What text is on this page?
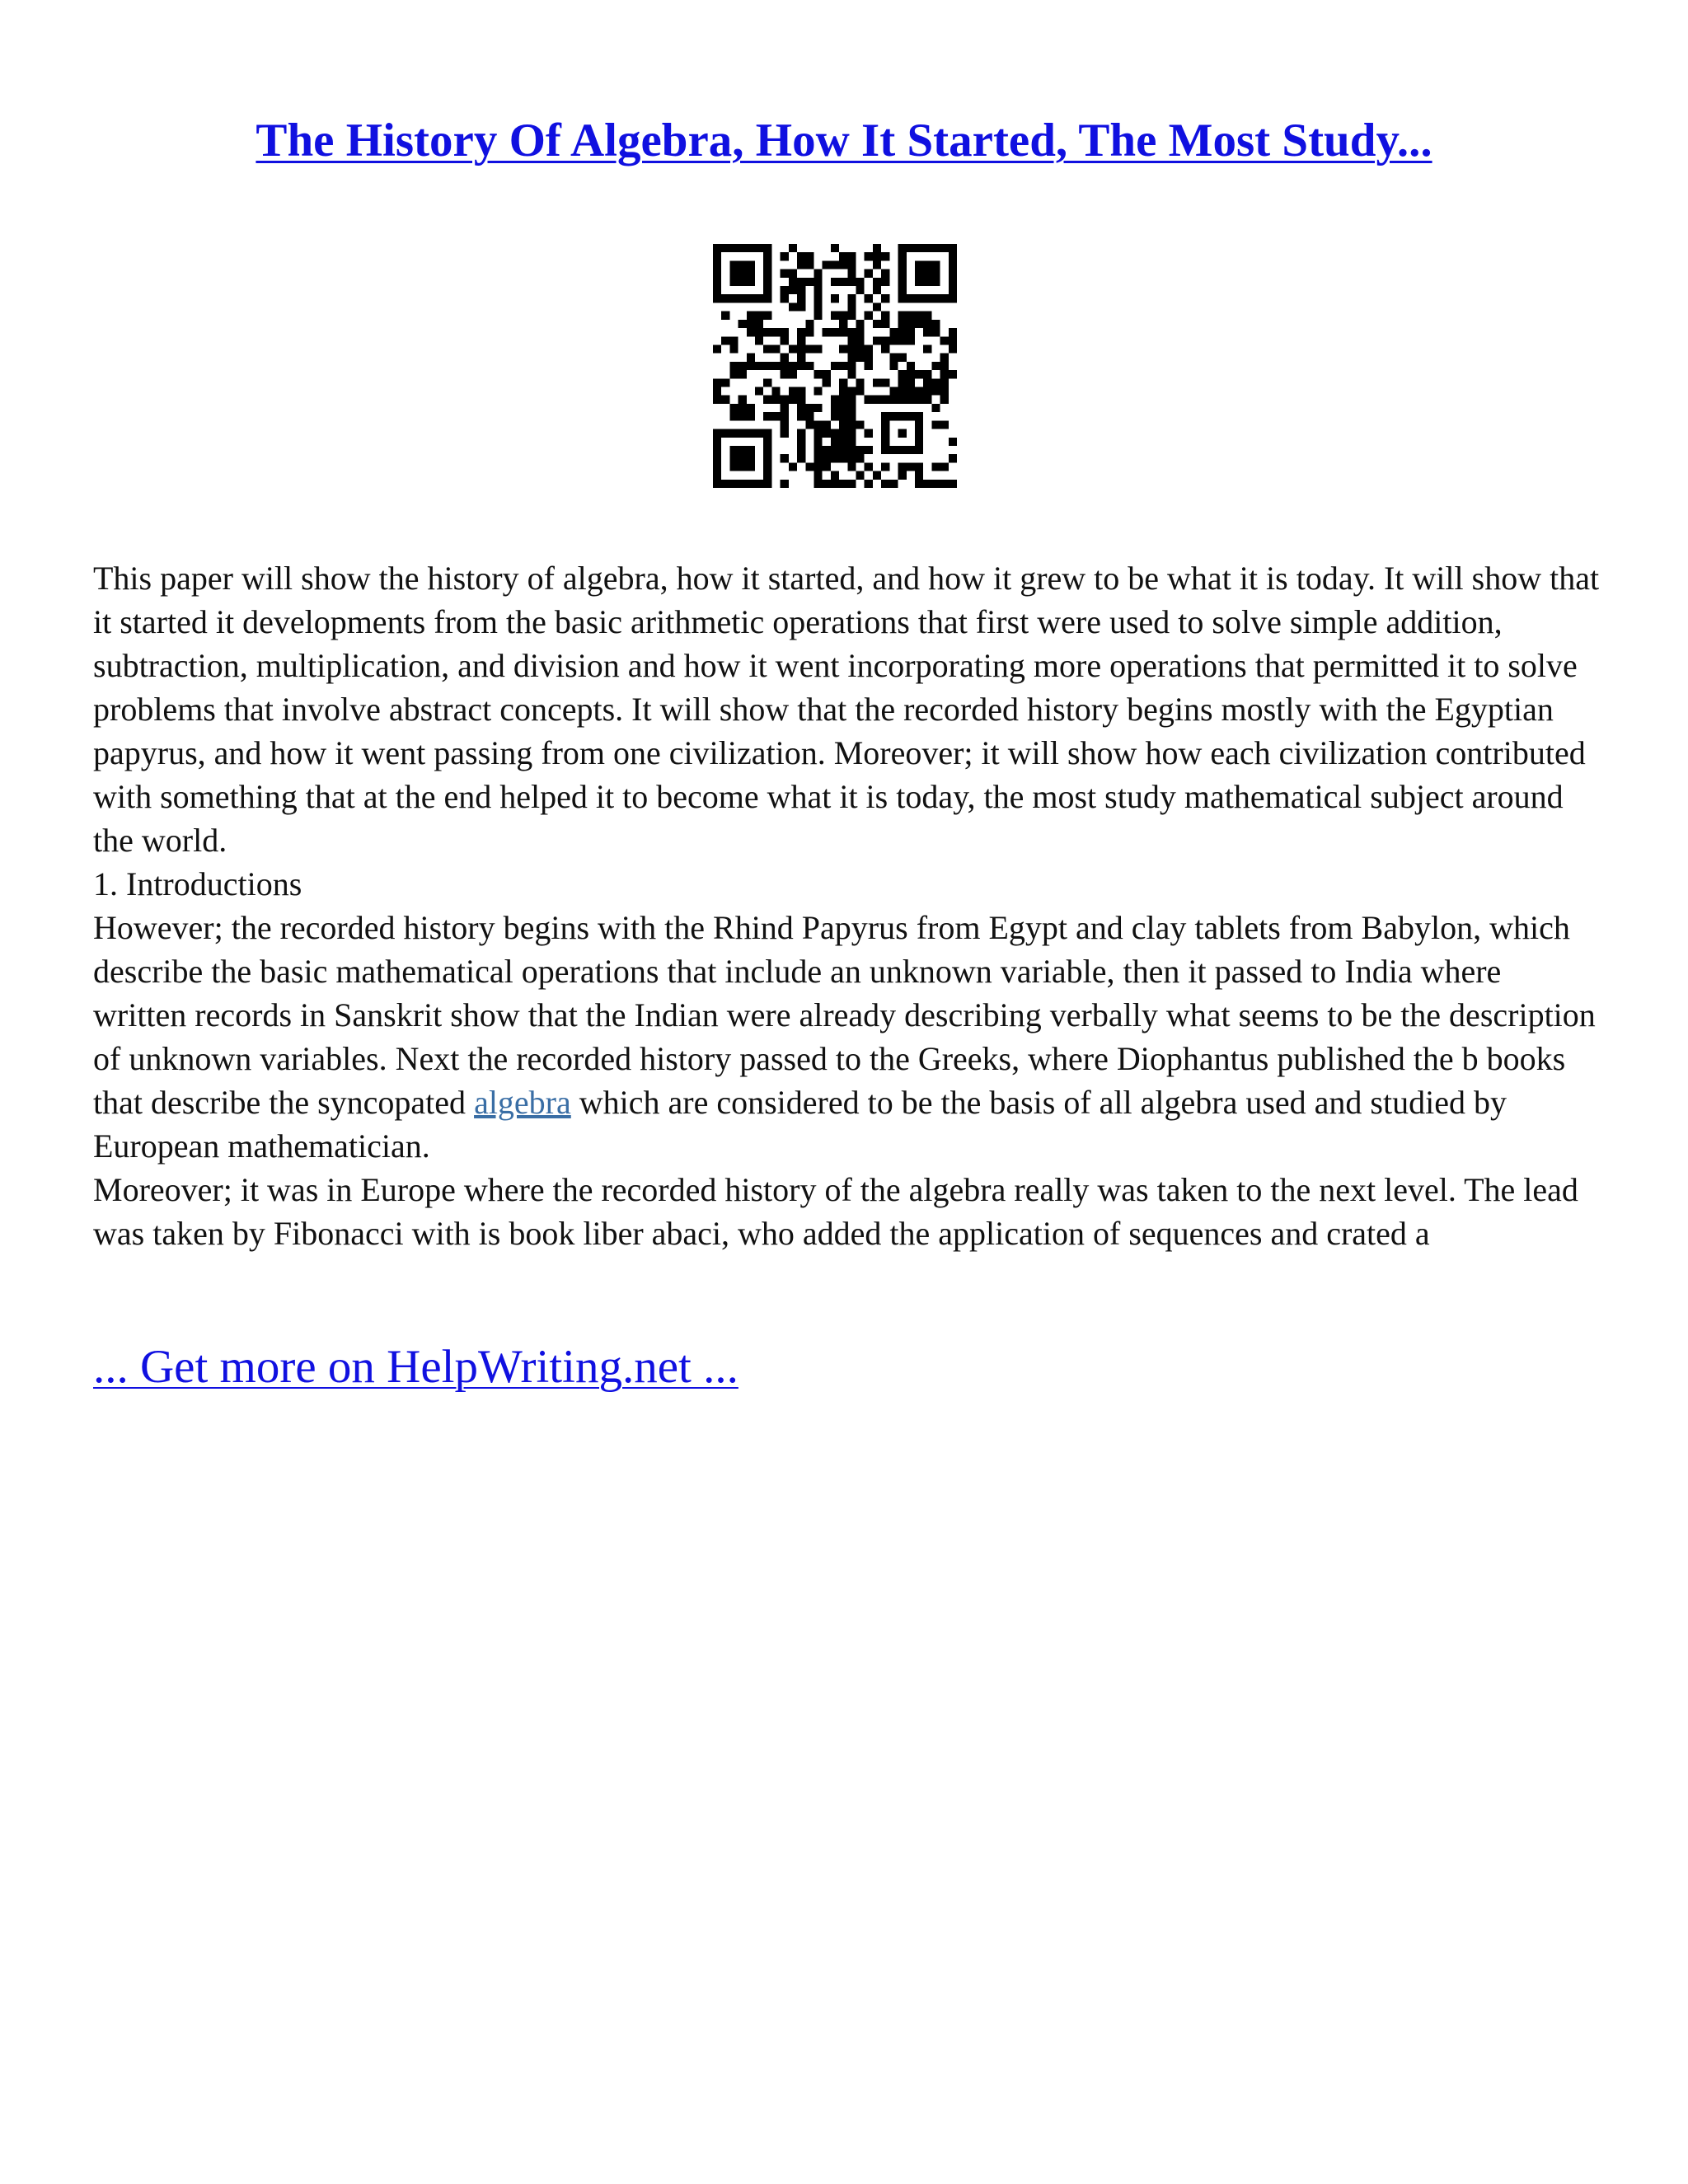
The History Of Algebra, How It Started, The Most Study...

This paper will show the history of algebra, how it started, and how it grew to be what it is today. It will show that it started it developments from the basic arithmetic operations that first were used to solve simple addition, subtraction, multiplication, and division and how it went incorporating more operations that permitted it to solve problems that involve abstract concepts. It will show that the recorded history begins mostly with the Egyptian papyrus, and how it went passing from one civilization. Moreover; it will show how each civilization contributed with something that at the end helped it to become what it is today, the most study mathematical subject around the world.

1. Introductions

However; the recorded history begins with the Rhind Papyrus from Egypt and clay tablets from Babylon, which describe the basic mathematical operations that include an unknown variable, then it passed to India where written records in Sanskrit show that the Indian were already describing verbally what seems to be the description of unknown variables. Next the recorded history passed to the Greeks, where Diophantus published the b books that describe the syncopated algebra which are considered to be the basis of all algebra used and studied by European mathematician.

Moreover; it was in Europe where the recorded history of the algebra really was taken to the next level. The lead was taken by Fibonacci with is book liber abaci, who added the application of sequences and crated a

... Get more on HelpWriting.net ...
